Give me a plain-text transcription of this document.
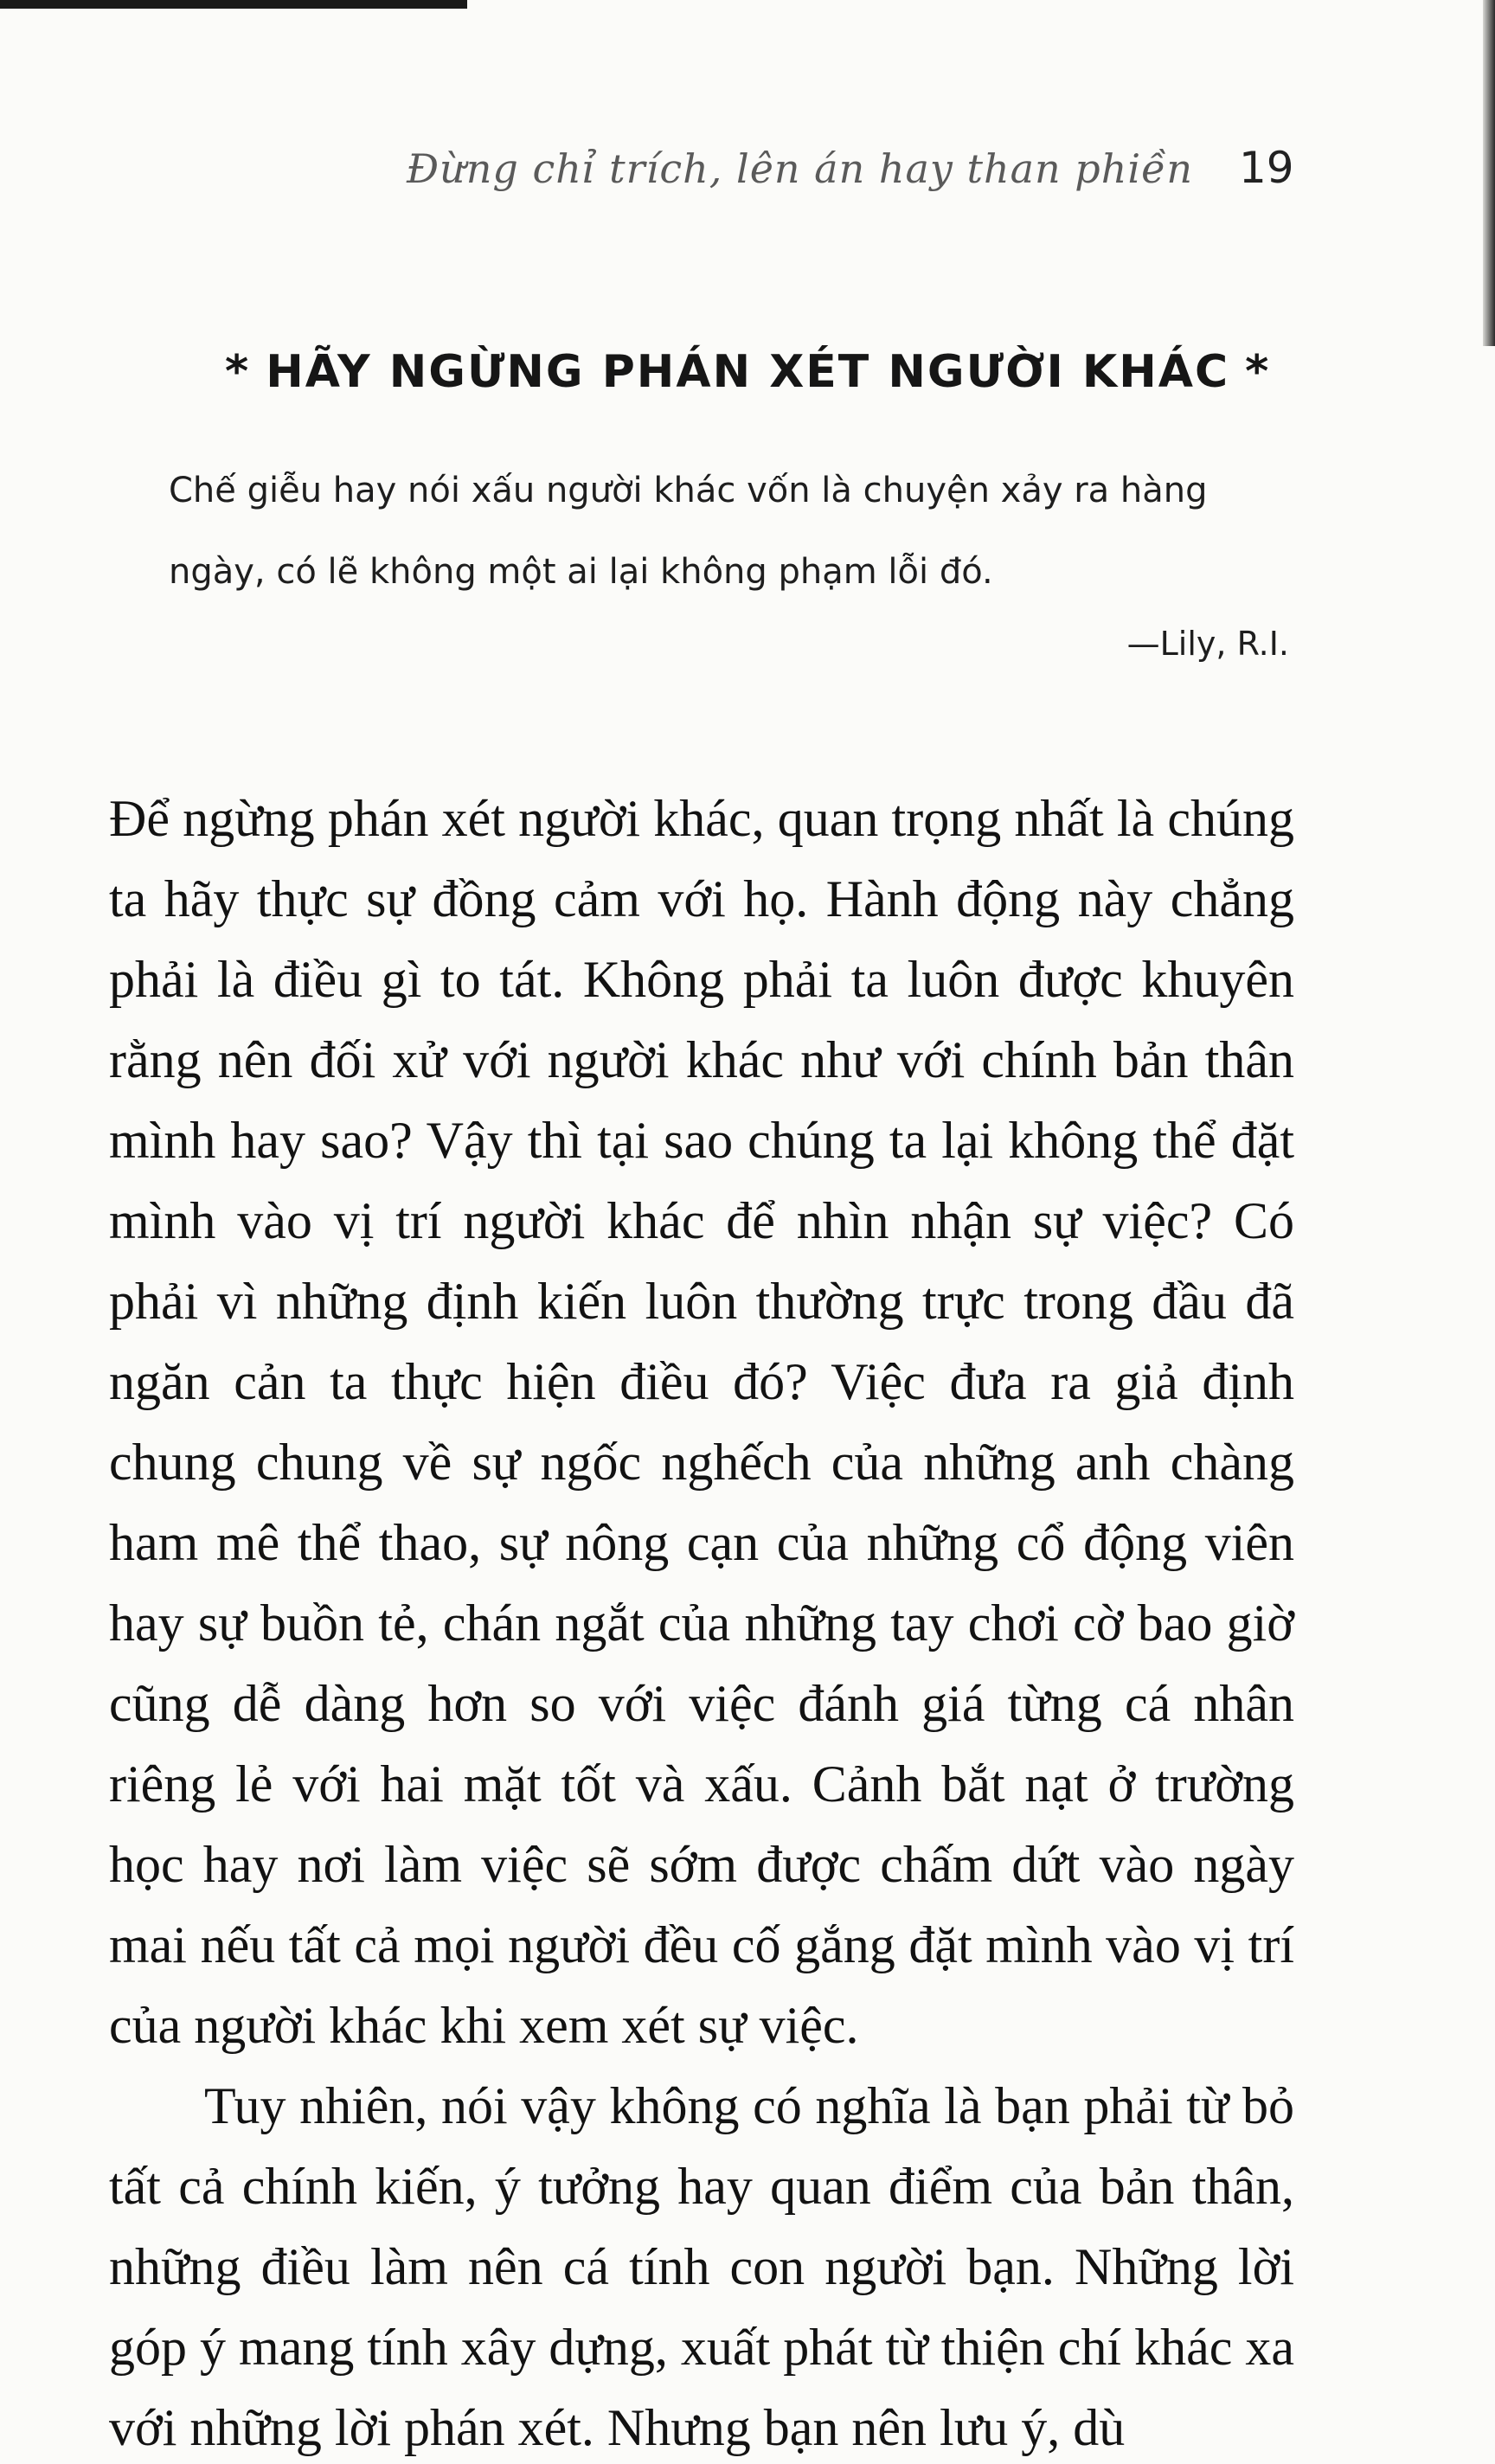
Đừng chỉ trích, lên án hay than phiền 19
* HÃY NGỪNG PHÁN XÉT NGƯỜI KHÁC *
Chế giễu hay nói xấu người khác vốn là chuyện xảy ra hàng ngày, có lẽ không một ai lại không phạm lỗi đó.
—Lily, R.I.
Để ngừng phán xét người khác, quan trọng nhất là chúng ta hãy thực sự đồng cảm với họ. Hành động này chẳng phải là điều gì to tát. Không phải ta luôn được khuyên rằng nên đối xử với người khác như với chính bản thân mình hay sao? Vậy thì tại sao chúng ta lại không thể đặt mình vào vị trí người khác để nhìn nhận sự việc? Có phải vì những định kiến luôn thường trực trong đầu đã ngăn cản ta thực hiện điều đó? Việc đưa ra giả định chung chung về sự ngốc nghếch của những anh chàng ham mê thể thao, sự nông cạn của những cổ động viên hay sự buồn tẻ, chán ngắt của những tay chơi cờ bao giờ cũng dễ dàng hơn so với việc đánh giá từng cá nhân riêng lẻ với hai mặt tốt và xấu. Cảnh bắt nạt ở trường học hay nơi làm việc sẽ sớm được chấm dứt vào ngày mai nếu tất cả mọi người đều cố gắng đặt mình vào vị trí của người khác khi xem xét sự việc.
Tuy nhiên, nói vậy không có nghĩa là bạn phải từ bỏ tất cả chính kiến, ý tưởng hay quan điểm của bản thân, những điều làm nên cá tính con người bạn. Những lời góp ý mang tính xây dựng, xuất phát từ thiện chí khác xa với những lời phán xét. Nhưng bạn nên lưu ý, dù
